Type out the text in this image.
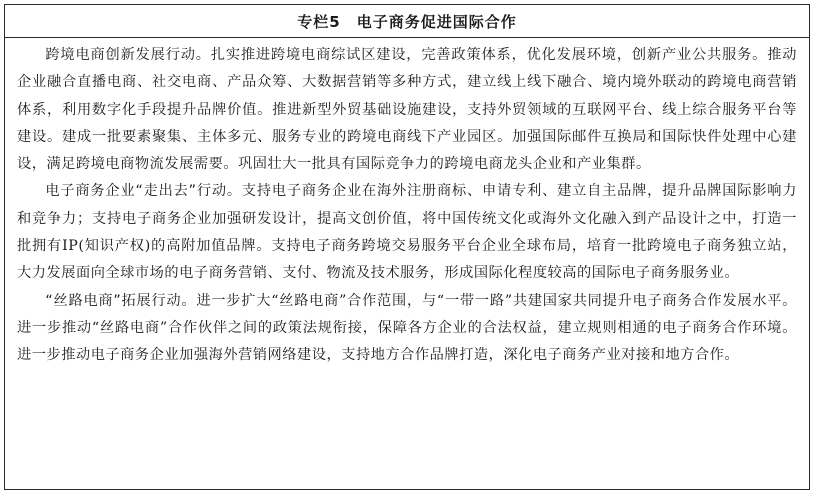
专栏5 电子商务促进国际合作

跨境电商创新发展行动。扎实推进跨境电商综试区建设，完善政策体系，优化发展环境，创新产业公共服务。推动企业融合直播电商、社交电商、产品众筹、大数据营销等多种方式，建立线上线下融合、境内境外联动的跨境电商营销体系，利用数字化手段提升品牌价值。推进新型外贸基础设施建设，支持外贸领域的互联网平台、线上综合服务平台等建设。建成一批要素聚集、主体多元、服务专业的跨境电商线下产业园区。加强国际邮件互换局和国际快件处理中心建设，满足跨境电商物流发展需要。巩固壮大一批具有国际竞争力的跨境电商龙头企业和产业集群。

电子商务企业“走出去”行动。支持电子商务企业在海外注册商标、申请专利、建立自主品牌，提升品牌国际影响力和竞争力；支持电子商务企业加强研发设计，提高文创价值，将中国传统文化或海外文化融入到产品设计之中，打造一批拥有IP(知识产权)的高附加值品牌。支持电子商务跨境交易服务平台企业全球布局，培育一批跨境电子商务独立站，大力发展面向全球市场的电子商务营销、支付、物流及技术服务，形成国际化程度较高的国际电子商务服务业。

“丝路电商”拓展行动。进一步扩大“丝路电商”合作范围，与“一带一路”共建国家共同提升电子商务合作发展水平。进一步推动“丝路电商”合作伙伴之间的政策法规衔接，保障各方企业的合法权益，建立规则相通的电子商务合作环境。进一步推动电子商务企业加强海外营销网络建设，支持地方合作品牌打造，深化电子商务产业对接和地方合作。
